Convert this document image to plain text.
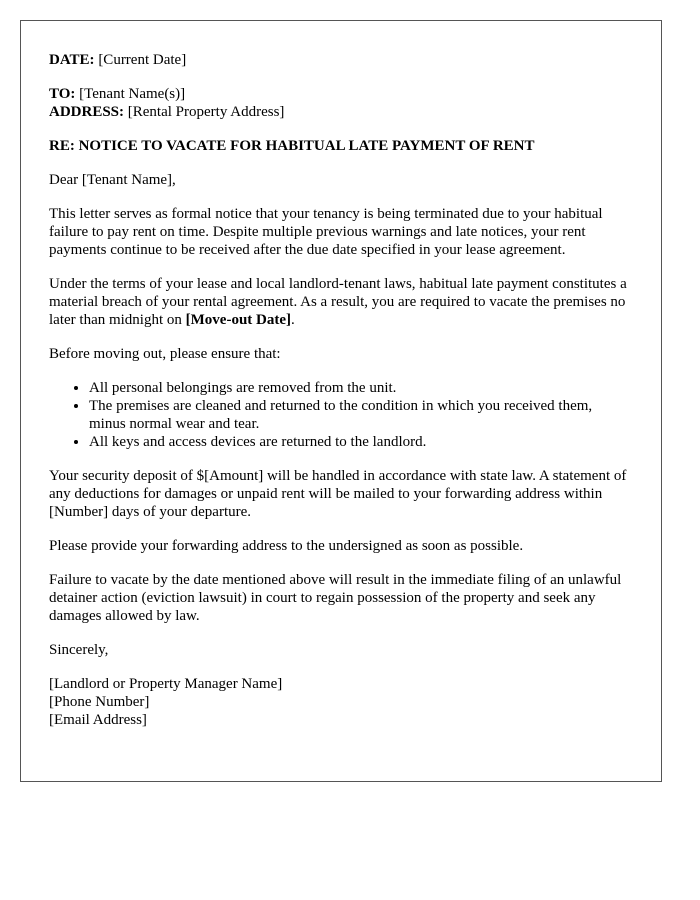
DATE: [Current Date]

TO: [Tenant Name(s)]
ADDRESS: [Rental Property Address]

RE: NOTICE TO VACATE FOR HABITUAL LATE PAYMENT OF RENT

Dear [Tenant Name],

This letter serves as formal notice that your tenancy is being terminated due to your habitual failure to pay rent on time. Despite multiple previous warnings and late notices, your rent payments continue to be received after the due date specified in your lease agreement.

Under the terms of your lease and local landlord-tenant laws, habitual late payment constitutes a material breach of your rental agreement. As a result, you are required to vacate the premises no later than midnight on [Move-out Date].

Before moving out, please ensure that:

• All personal belongings are removed from the unit.
• The premises are cleaned and returned to the condition in which you received them, minus normal wear and tear.
• All keys and access devices are returned to the landlord.

Your security deposit of $[Amount] will be handled in accordance with state law. A statement of any deductions for damages or unpaid rent will be mailed to your forwarding address within [Number] days of your departure.

Please provide your forwarding address to the undersigned as soon as possible.

Failure to vacate by the date mentioned above will result in the immediate filing of an unlawful detainer action (eviction lawsuit) in court to regain possession of the property and seek any damages allowed by law.

Sincerely,

[Landlord or Property Manager Name]
[Phone Number]
[Email Address]
